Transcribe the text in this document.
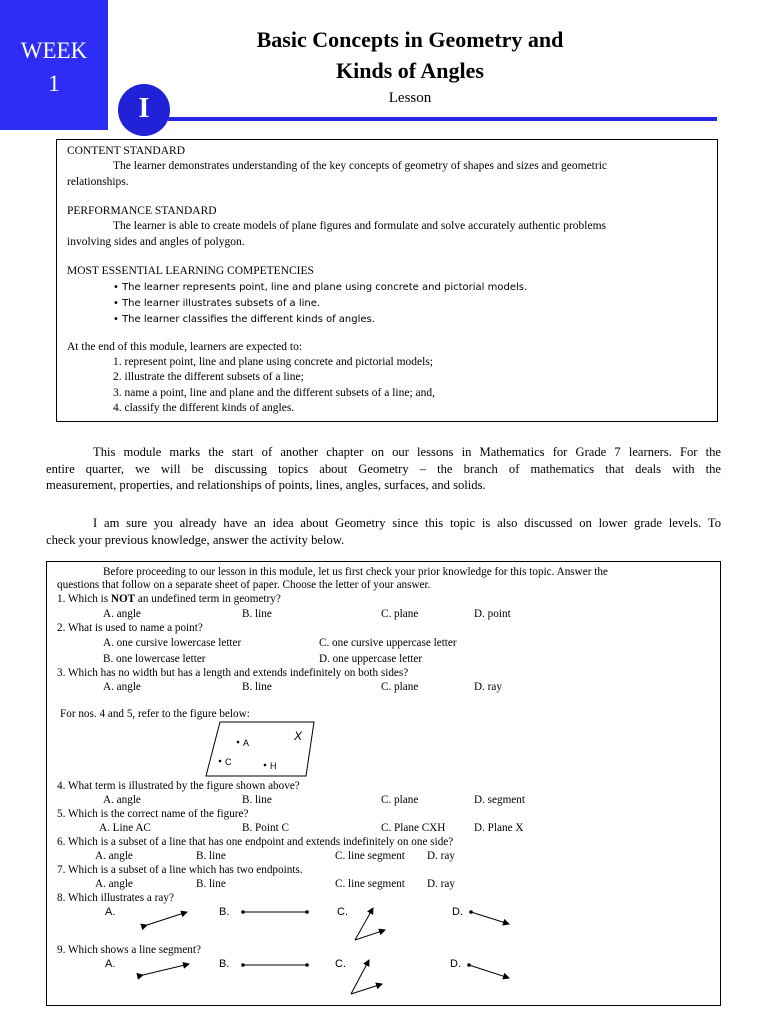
WEEK
1
Basic Concepts in Geometry and
Kinds of Angles
I	Lesson
CONTENT STANDARD
The learner demonstrates understanding of the key concepts of geometry of shapes and sizes and geometric
relationships.
PERFORMANCE STANDARD
The learner is able to create models of plane figures and formulate and solve accurately authentic problems
involving sides and angles of polygon.
MOST ESSENTIAL LEARNING COMPETENCIES
• The learner represents point, line and plane using concrete and pictorial models.
• The learner illustrates subsets of a line.
• The learner classifies the different kinds of angles.
At the end of this module, learners are expected to:
1. represent point, line and plane using concrete and pictorial models;
2. illustrate the different subsets of a line;
3. name a point, line and plane and the different subsets of a line; and,
4. classify the different kinds of angles.
This module marks the start of another chapter on our lessons in Mathematics for Grade 7 learners. For the
entire quarter, we will be discussing topics about Geometry – the branch of mathematics that deals with the
measurement, properties, and relationships of points, lines, angles, surfaces, and solids.
I am sure you already have an idea about Geometry since this topic is also discussed on lower grade levels. To
check your previous knowledge, answer the activity below.
Before proceeding to our lesson in this module, let us first check your prior knowledge for this topic. Answer the
questions that follow on a separate sheet of paper. Choose the letter of your answer.
1. Which is NOT an undefined term in geometry?
A. angle	B. line	C. plane	D. point
2. What is used to name a point?
A. one cursive lowercase letter	C. one cursive uppercase letter
B. one lowercase letter	D. one uppercase letter
3. Which has no width but has a length and extends indefinitely on both sides?
A. angle	B. line	C. plane	D. ray
For nos. 4 and 5, refer to the figure below:
A
C	H
X
4. What term is illustrated by the figure shown above?
A. angle	B. line	C. plane	D. segment
5. Which is the correct name of the figure?
A. Line AC	B. Point C	C. Plane CXH	D. Plane X
6. Which is a subset of a line that has one endpoint and extends indefinitely on one side?
A. angle	B. line	C. line segment D. ray
7. Which is a subset of a line which has two endpoints.
A. angle	B. line	C. line segment D. ray
8. Which illustrates a ray?
A.	B.	C.	D.
9. Which shows a line segment?
A.	B.	C.	D.
